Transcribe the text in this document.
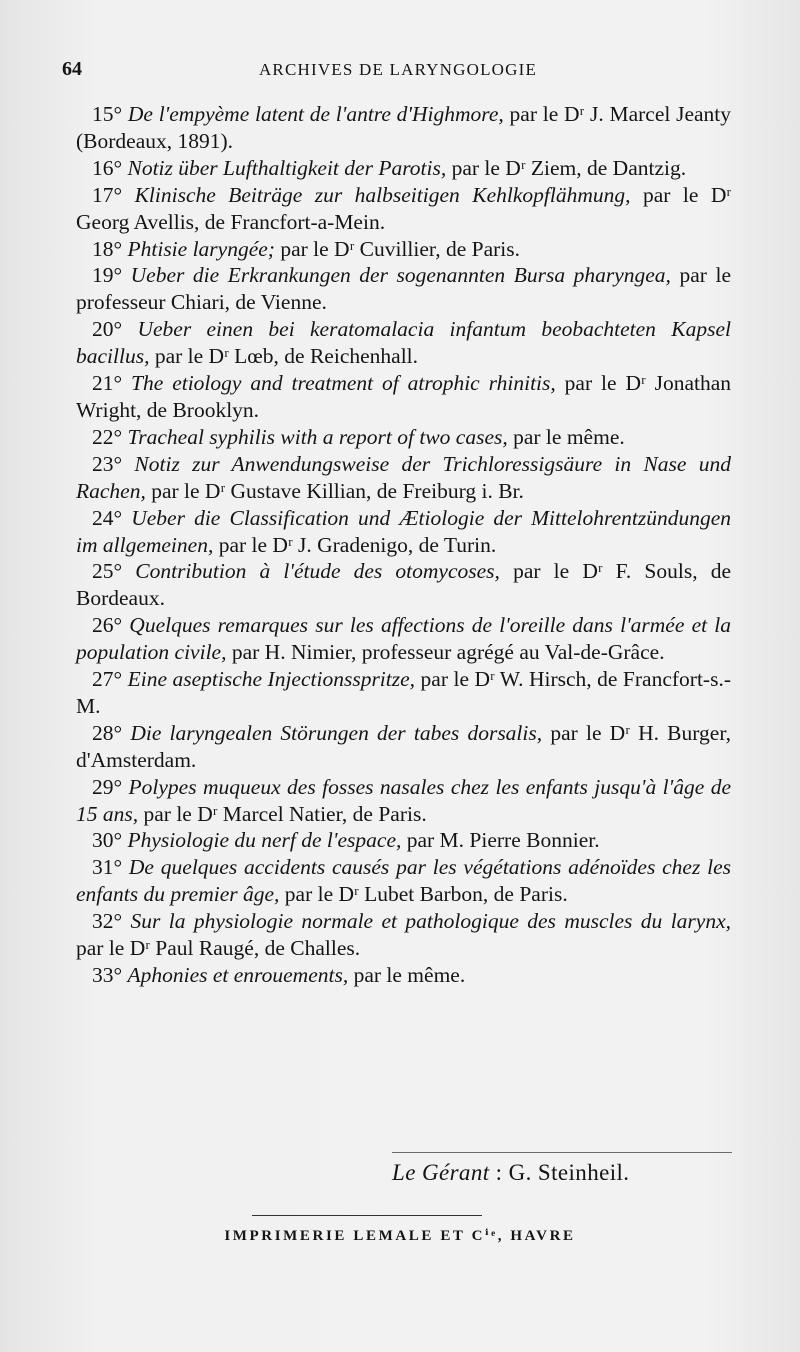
64	ARCHIVES DE LARYNGOLOGIE

15° De l'empyème latent de l'antre d'Highmore, par le Dʳ J. Marcel Jeanty (Bordeaux, 1891).

16° Notiz über Lufthaltigkeit der Parotis, par le Dʳ Ziem, de Dantzig.

17° Klinische Beiträge zur halbseitigen Kehlkopflähmung, par le Dʳ Georg Avellis, de Francfort-a-Mein.

18° Phtisie laryngée; par le Dʳ Cuvillier, de Paris.

19° Ueber die Erkrankungen der sogenannten Bursa pharyngea, par le professeur Chiari, de Vienne.

20° Ueber einen bei keratomalacia infantum beobachteten Kapsel bacillus, par le Dʳ Lœb, de Reichenhall.

21° The etiology and treatment of atrophic rhinitis, par le Dʳ Jonathan Wright, de Brooklyn.

22° Tracheal syphilis with a report of two cases, par le même.

23° Notiz zur Anwendungsweise der Trichloressigsäure in Nase und Rachen, par le Dʳ Gustave Killian, de Freiburg i. Br.

24° Ueber die Classification und Ætiologie der Mittelohrentzündungen im allgemeinen, par le Dʳ J. Gradenigo, de Turin.

25° Contribution à l'étude des otomycoses, par le Dʳ F. Souls, de Bordeaux.

26° Quelques remarques sur les affections de l'oreille dans l'armée et la population civile, par H. Nimier, professeur agrégé au Val-de-Grâce.

27° Eine aseptische Injectionsspritze, par le Dʳ W. Hirsch, de Francfort-s.-M.

28° Die laryngealen Störungen der tabes dorsalis, par le Dʳ H. Burger, d'Amsterdam.

29° Polypes muqueux des fosses nasales chez les enfants jusqu'à l'âge de 15 ans, par le Dʳ Marcel Natier, de Paris.

30° Physiologie du nerf de l'espace, par M. Pierre Bonnier.

31° De quelques accidents causés par les végétations adénoïdes chez les enfants du premier âge, par le Dʳ Lubet Barbon, de Paris.

32° Sur la physiologie normale et pathologique des muscles du larynx, par le Dʳ Paul Raugé, de Challes.

33° Aphonies et enrouements, par le même.

Le Gérant : G. Steinheil.
IMPRIMERIE LEMALE ET Cⁱᵉ, HAVRE
